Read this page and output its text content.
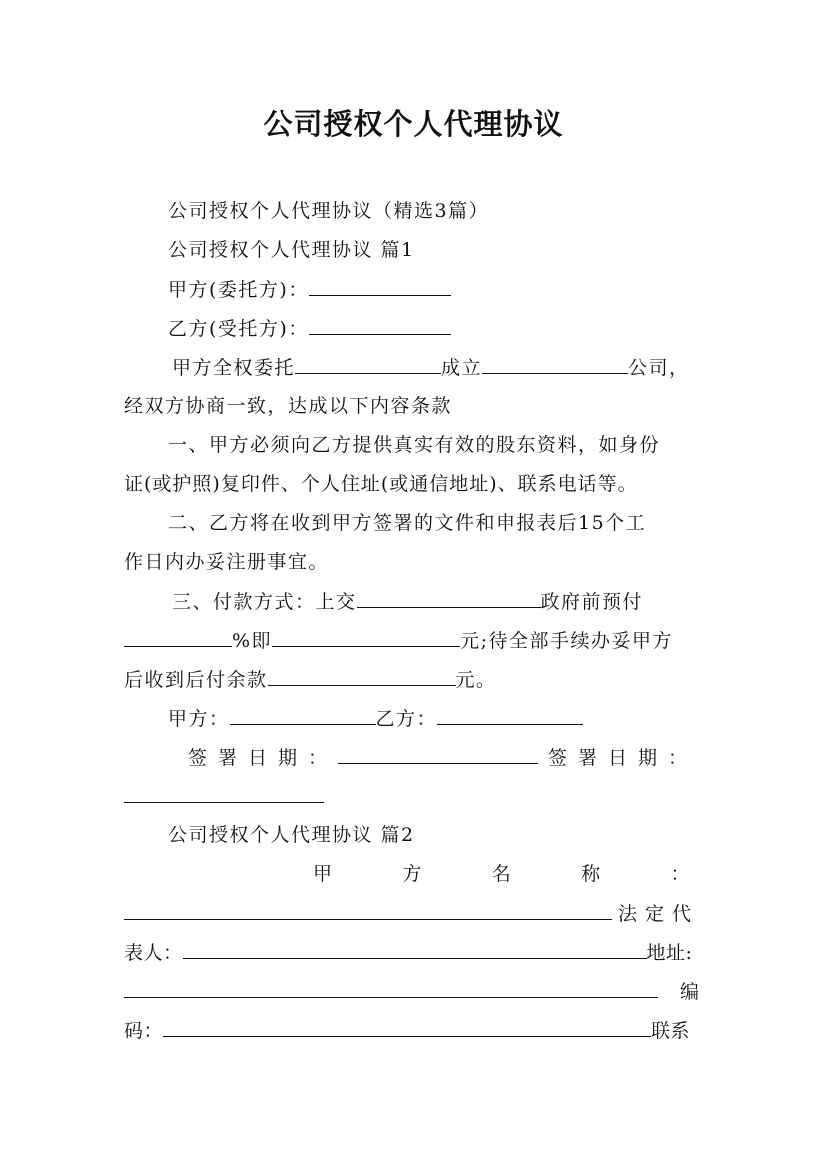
公司授权个人代理协议
公司授权个人代理协议（精选3篇）
公司授权个人代理协议 篇1
甲方(委托方)：
乙方(受托方)：
甲方全权委托	成立	公司，
经双方协商一致，达成以下内容条款
一、甲方必须向乙方提供真实有效的股东资料，如身份
证(或护照)复印件、个人住址(或通信地址)、联系电话等。
二、乙方将在收到甲方签署的文件和申报表后15个工
作日内办妥注册事宜。
三、付款方式：上交	政府前预付
%即	元;待全部手续办妥甲方
后收到后付余款	元。
甲方：	乙方：
签署日期：	签署日期：
公司授权个人代理协议 篇2
甲	方	名	称	：
法定代
表人：	地址:
编
码：	联系
